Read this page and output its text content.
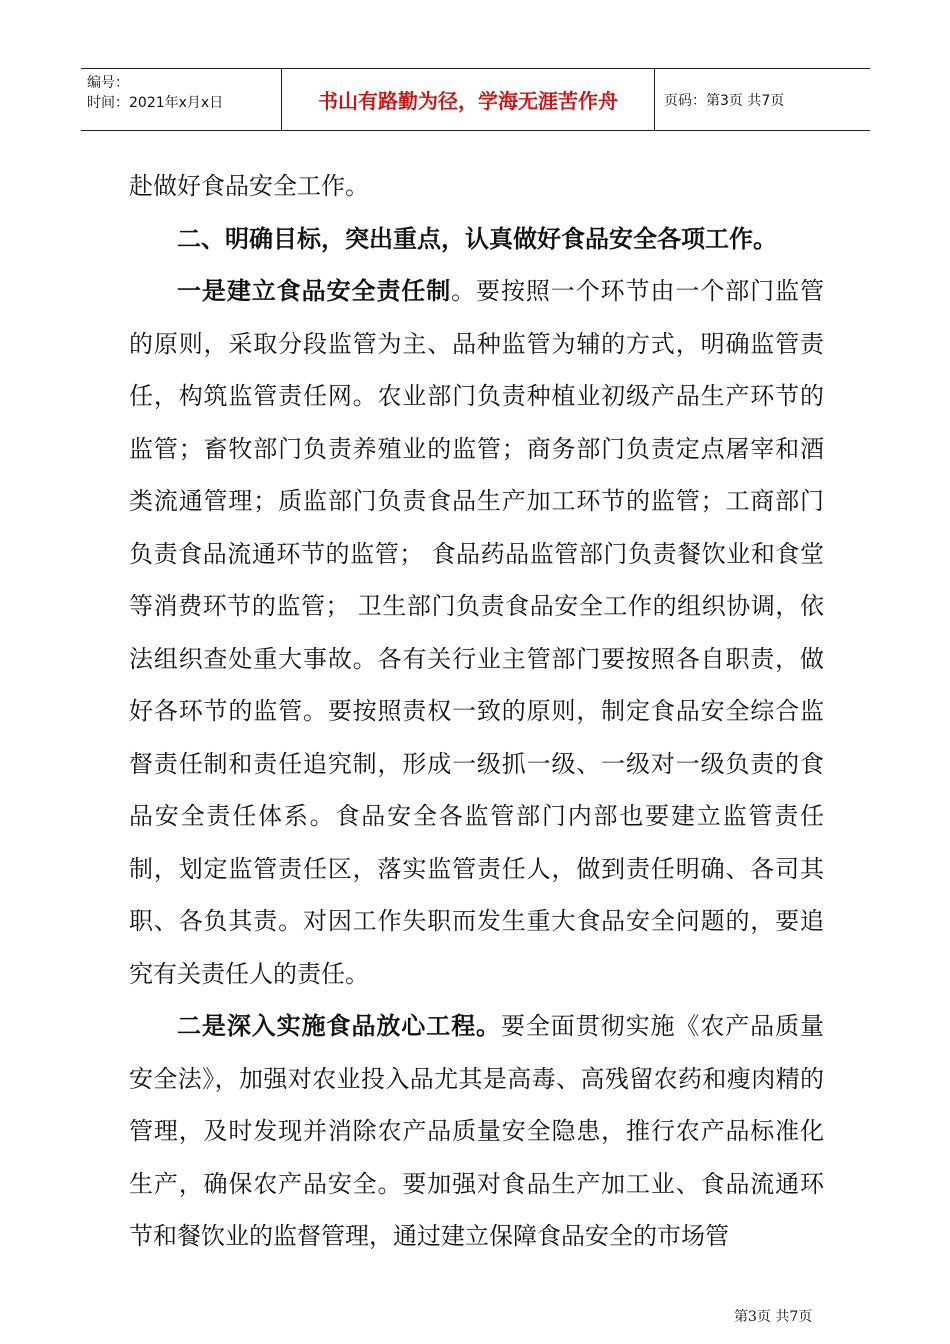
编号：
时间：2021年x月x日	书山有路勤为径，学海无涯苦作舟	页码：第3页 共7页

赴做好食品安全工作。

二、明确目标，突出重点，认真做好食品安全各项工作。

一是建立食品安全责任制。要按照一个环节由一个部门监管的原则，采取分段监管为主、品种监管为辅的方式，明确监管责任，构筑监管责任网。农业部门负责种植业初级产品生产环节的监管；畜牧部门负责养殖业的监管；商务部门负责定点屠宰和酒类流通管理；质监部门负责食品生产加工环节的监管；工商部门负责食品流通环节的监管； 食品药品监管部门负责餐饮业和食堂等消费环节的监管； 卫生部门负责食品安全工作的组织协调，依法组织查处重大事故。各有关行业主管部门要按照各自职责，做好各环节的监管。要按照责权一致的原则，制定食品安全综合监督责任制和责任追究制，形成一级抓一级、一级对一级负责的食品安全责任体系。食品安全各监管部门内部也要建立监管责任制，划定监管责任区，落实监管责任人，做到责任明确、各司其职、各负其责。对因工作失职而发生重大食品安全问题的，要追究有关责任人的责任。

二是深入实施食品放心工程。要全面贯彻实施《农产品质量安全法》，加强对农业投入品尤其是高毒、高残留农药和瘦肉精的管理，及时发现并消除农产品质量安全隐患，推行农产品标准化生产，确保农产品安全。要加强对食品生产加工业、食品流通环节和餐饮业的监督管理，通过建立保障食品安全的市场管

第3页 共7页
